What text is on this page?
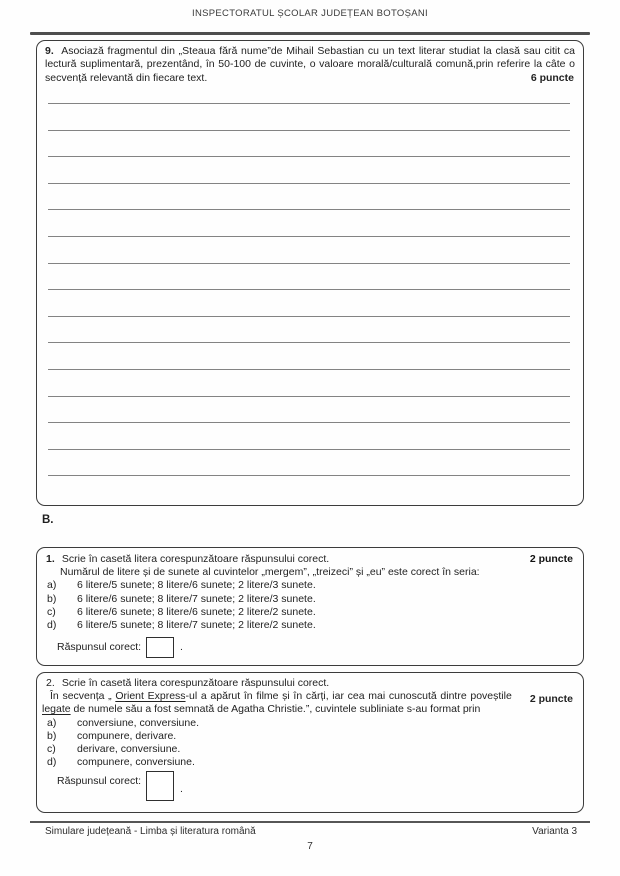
INSPECTORATUL ȘCOLAR JUDEȚEAN BOTOȘANI

9. Asociază fragmentul din „Steaua fără nume”de Mihail Sebastian cu un text literar studiat la clasă sau citit ca lectură suplimentară, prezentând, în 50-100 de cuvinte, o valoare morală/culturală comună,prin referire la câte o secvență relevantă din fiecare text.	6 puncte

B.
2 puncte
1. Scrie în casetă litera corespunzătoare răspunsului corect.
Numărul de litere și de sunete al cuvintelor „mergem”, „treizeci” și „eu” este corect în seria:
a) 6 litere/5 sunete; 8 litere/6 sunete; 2 litere/3 sunete.
b) 6 litere/6 sunete; 8 litere/7 sunete; 2 litere/3 sunete.
c) 6 litere/6 sunete; 8 litere/6 sunete; 2 litere/2 sunete.
d) 6 litere/5 sunete; 8 litere/7 sunete; 2 litere/2 sunete.
Răspunsul corect:	.
2. Scrie în casetă litera corespunzătoare răspunsului corect.

2 puncte
În secvența „ Orient Express-ul a apărut în filme și în cărți, iar cea mai cunoscută dintre poveștile legate de numele său a fost semnată de Agatha Christie.”, cuvintele subliniate s-au format prin

a) conversiune, conversiune.
b) compunere, derivare.
c) derivare, conversiune.
d) compunere, conversiune.
Răspunsul corect:
.
Simulare județeană - Limba și literatura română	Varianta 3
7
